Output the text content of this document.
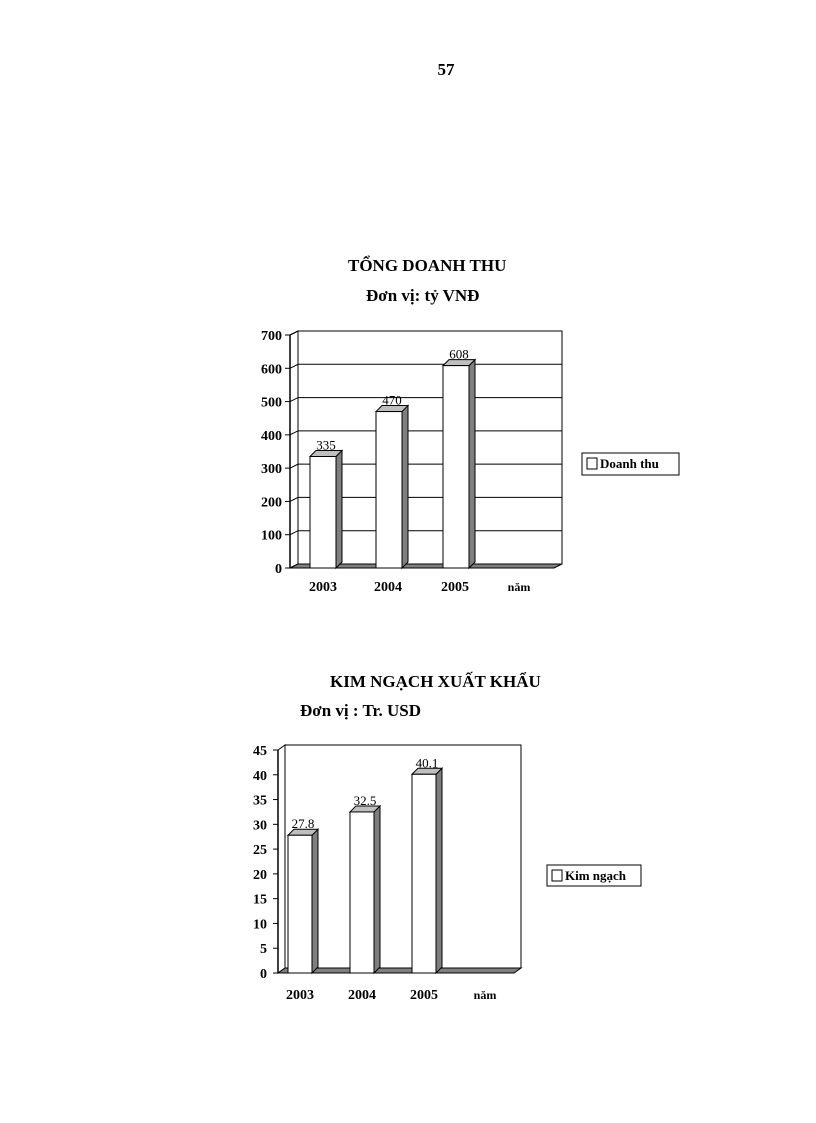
57
TỔNG DOANH THU
Đơn vị: tỷ VNĐ
0
100
200
300
400
500
600
700
335
470
608
2003	2004	2005	năm
Doanh thu
KIM NGẠCH XUẤT KHẨU
Đơn vị : Tr. USD
0
5
10
15
20
25
30
35
40
45
27.8
32.5
40.1
2003 2004 2005	năm
Kim ngạch
